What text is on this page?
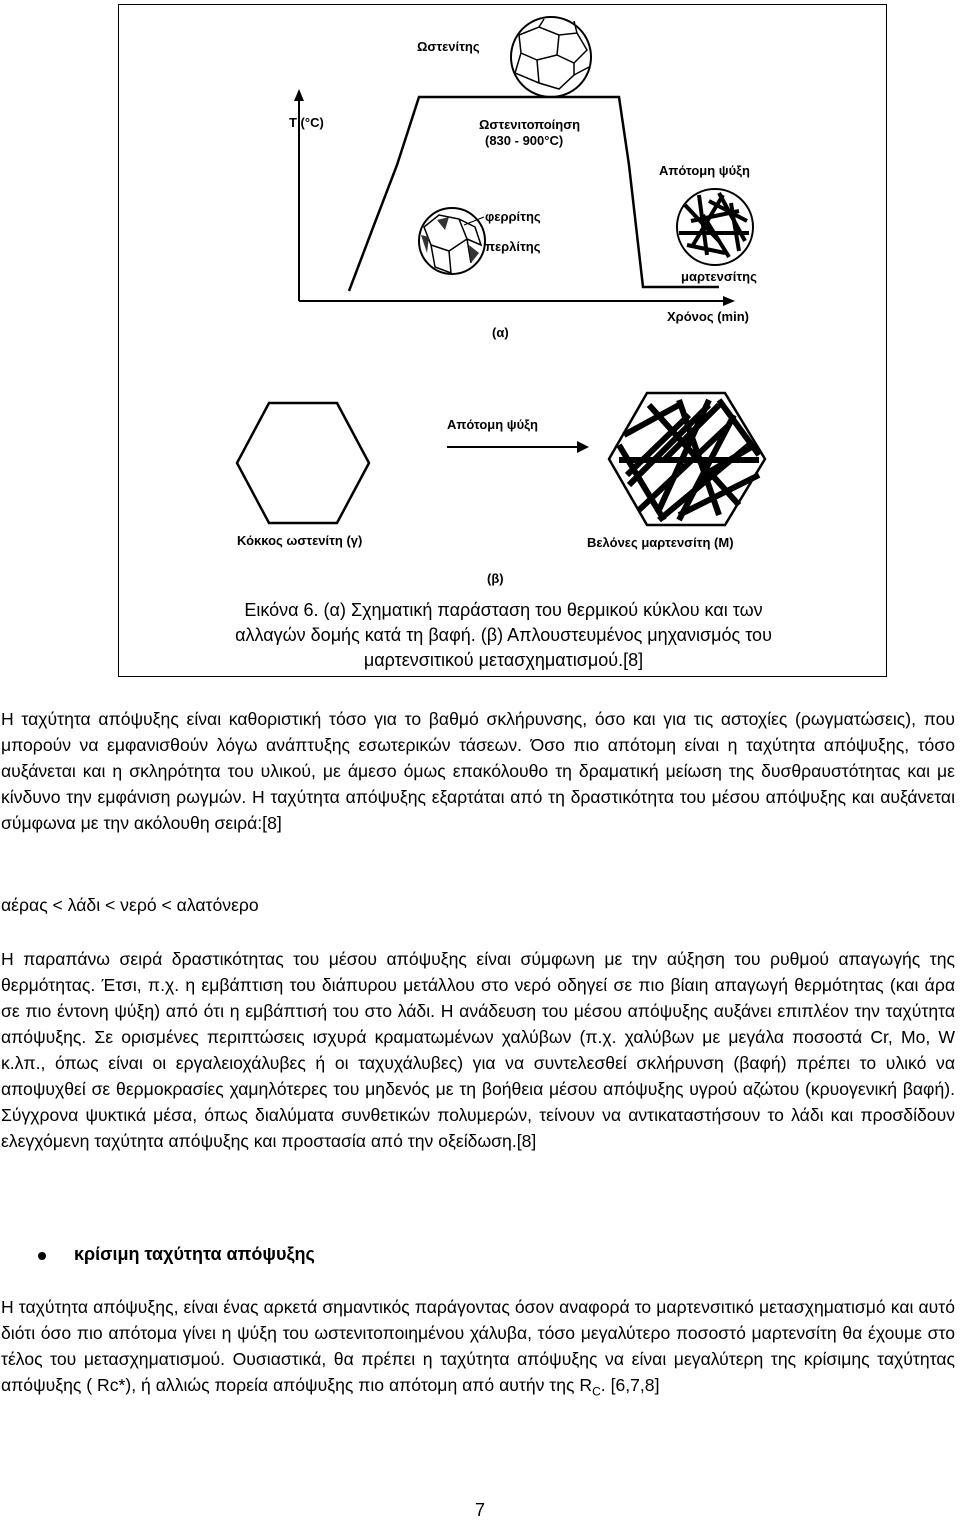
Ωστενίτης
T (°C)
Χρόνος (min)
Ωστενιτοποίηση
(830 - 900°C)
Απότομη ψύξη
φερρίτης
περλίτης
μαρτενσίτης
(α)
Απότομη ψύξη
Κόκκος ωστενίτη (γ)	Βελόνες μαρτενσίτη (M)
(β)
Εικόνα 6. (α) Σχηματική παράσταση του θερμικού κύκλου και των
αλλαγών δομής κατά τη βαφή. (β) Απλουστευμένος μηχανισμός του
μαρτενσιτικού μετασχηματισμού.[8]
Η ταχύτητα απόψυξης είναι καθοριστική τόσο για το βαθμό σκλήρυνσης, όσο και για τις αστοχίες (ρωγματώσεις), που μπορούν να εμφανισθούν λόγω ανάπτυξης εσωτερικών τάσεων. Όσο πιο απότομη είναι η ταχύτητα απόψυξης, τόσο αυξάνεται και η σκληρότητα του υλικού, με άμεσο όμως επακόλουθο τη δραματική μείωση της δυσθραυστότητας και με κίνδυνο την εμφάνιση ρωγμών. Η ταχύτητα απόψυξης εξαρτάται από τη δραστικότητα του μέσου απόψυξης και αυξάνεται σύμφωνα με την ακόλουθη σειρά:[8]
αέρας < λάδι < νερό < αλατόνερο
Η παραπάνω σειρά δραστικότητας του μέσου απόψυξης είναι σύμφωνη με την αύξηση του ρυθμού απαγωγής της θερμότητας. Έτσι, π.χ. η εμβάπτιση του διάπυρου μετάλλου στο νερό οδηγεί σε πιο βίαιη απαγωγή θερμότητας (και άρα σε πιο έντονη ψύξη) από ότι η εμβάπτισή του στο λάδι. Η ανάδευση του μέσου απόψυξης αυξάνει επιπλέον την ταχύτητα απόψυξης. Σε ορισμένες περιπτώσεις ισχυρά κραματωμένων χαλύβων (π.χ. χαλύβων με μεγάλα ποσοστά Cr, Mo, W κ.λπ., όπως είναι οι εργαλειοχάλυβες ή οι ταχυχάλυβες) για να συντελεσθεί σκλήρυνση (βαφή) πρέπει το υλικό να αποψυχθεί σε θερμοκρασίες χαμηλότερες του μηδενός με τη βοήθεια μέσου απόψυξης υγρού αζώτου (κρυογενική βαφή). Σύγχρονα ψυκτικά μέσα, όπως διαλύματα συνθετικών πολυμερών, τείνουν να αντικαταστήσουν το λάδι και προσδίδουν ελεγχόμενη ταχύτητα απόψυξης και προστασία από την οξείδωση.[8]
κρίσιμη ταχύτητα απόψυξης
Η ταχύτητα απόψυξης, είναι ένας αρκετά σημαντικός παράγοντας όσον αναφορά το μαρτενσιτικό μετασχηματισμό και αυτό διότι όσο πιο απότομα γίνει η ψύξη του ωστενιτοποιημένου χάλυβα, τόσο μεγαλύτερο ποσοστό μαρτενσίτη θα έχουμε στο τέλος του μετασχηματισμού. Ουσιαστικά, θα πρέπει η ταχύτητα απόψυξης να είναι μεγαλύτερη της κρίσιμης ταχύτητας απόψυξης ( Rc*), ή αλλιώς πορεία απόψυξης πιο απότομη από αυτήν της $R_C$. [6,7,8]
7
